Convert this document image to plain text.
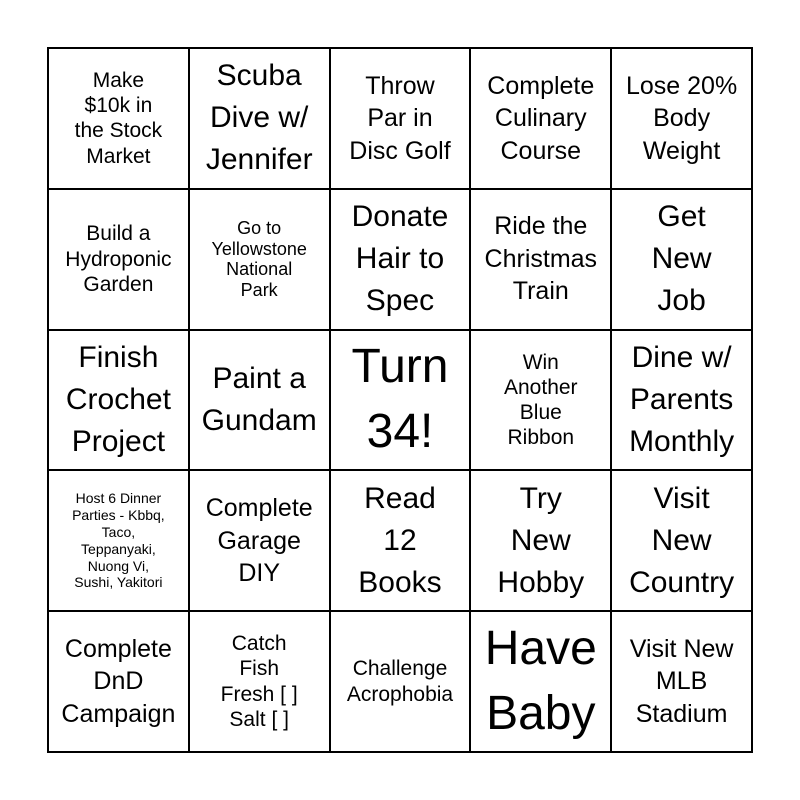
Make
$10k in
the Stock
Market
Scuba
Dive w/
Jennifer
Throw
Par in
Disc Golf
Complete
Culinary
Course
Lose 20%
Body
Weight
Build a
Hydroponic
Garden
Go to
Yellowstone
National
Park
Donate
Hair to
Spec
Ride the
Christmas
Train
Get
New
Job
Finish
Crochet
Project
Paint a
Gundam
Turn
34!
Win
Another
Blue
Ribbon
Dine w/
Parents
Monthly
Host 6 Dinner
Parties - Kbbq,
Taco,
Teppanyaki,
Nuong Vi,
Sushi, Yakitori
Complete
Garage
DIY
Read
12
Books
Try
New
Hobby
Visit
New
Country
Complete
DnD
Campaign
Catch
Fish
Fresh [ ]
Salt [ ]
Challenge
Acrophobia
Have
Baby
Visit New
MLB
Stadium
